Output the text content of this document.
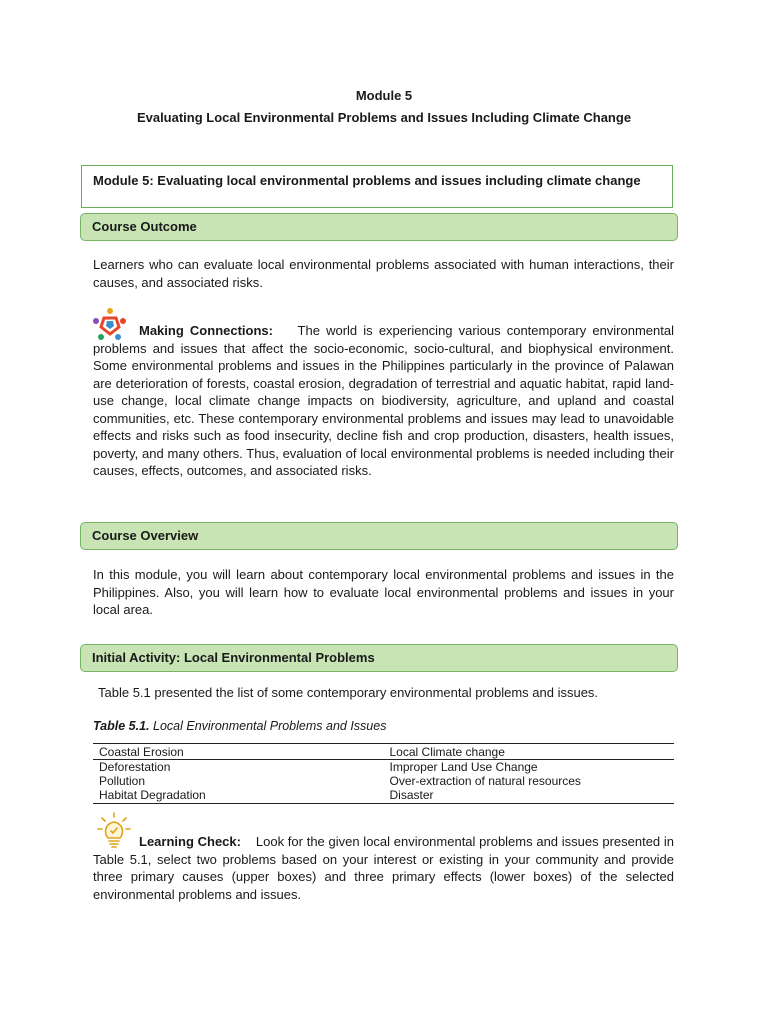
Module 5
Evaluating Local Environmental Problems and Issues Including Climate Change
Module 5: Evaluating local environmental problems and issues including climate change
Course Outcome
Learners who can evaluate local environmental problems associated with human interactions, their causes, and associated risks.
Making Connections: The world is experiencing various contemporary environmental problems and issues that affect the socio-economic, socio-cultural, and biophysical environment. Some environmental problems and issues in the Philippines particularly in the province of Palawan are deterioration of forests, coastal erosion, degradation of terrestrial and aquatic habitat, rapid land-use change, local climate change impacts on biodiversity, agriculture, and upland and coastal communities, etc. These contemporary environmental problems and issues may lead to unavoidable effects and risks such as food insecurity, decline fish and crop production, disasters, health issues, poverty, and many others. Thus, evaluation of local environmental problems is needed including their causes, effects, outcomes, and associated risks.
Course Overview
In this module, you will learn about contemporary local environmental problems and issues in the Philippines. Also, you will learn how to evaluate local environmental problems and issues in your local area.
Initial Activity: Local Environmental Problems
Table 5.1 presented the list of some contemporary environmental problems and issues.
Table 5.1. Local Environmental Problems and Issues
Coastal Erosion	Local Climate change
Deforestation	Improper Land Use Change
Pollution	Over-extraction of natural resources
Habitat Degradation	Disaster
Learning Check: Look for the given local environmental problems and issues presented in Table 5.1, select two problems based on your interest or existing in your community and provide three primary causes (upper boxes) and three primary effects (lower boxes) of the selected environmental problems and issues.
